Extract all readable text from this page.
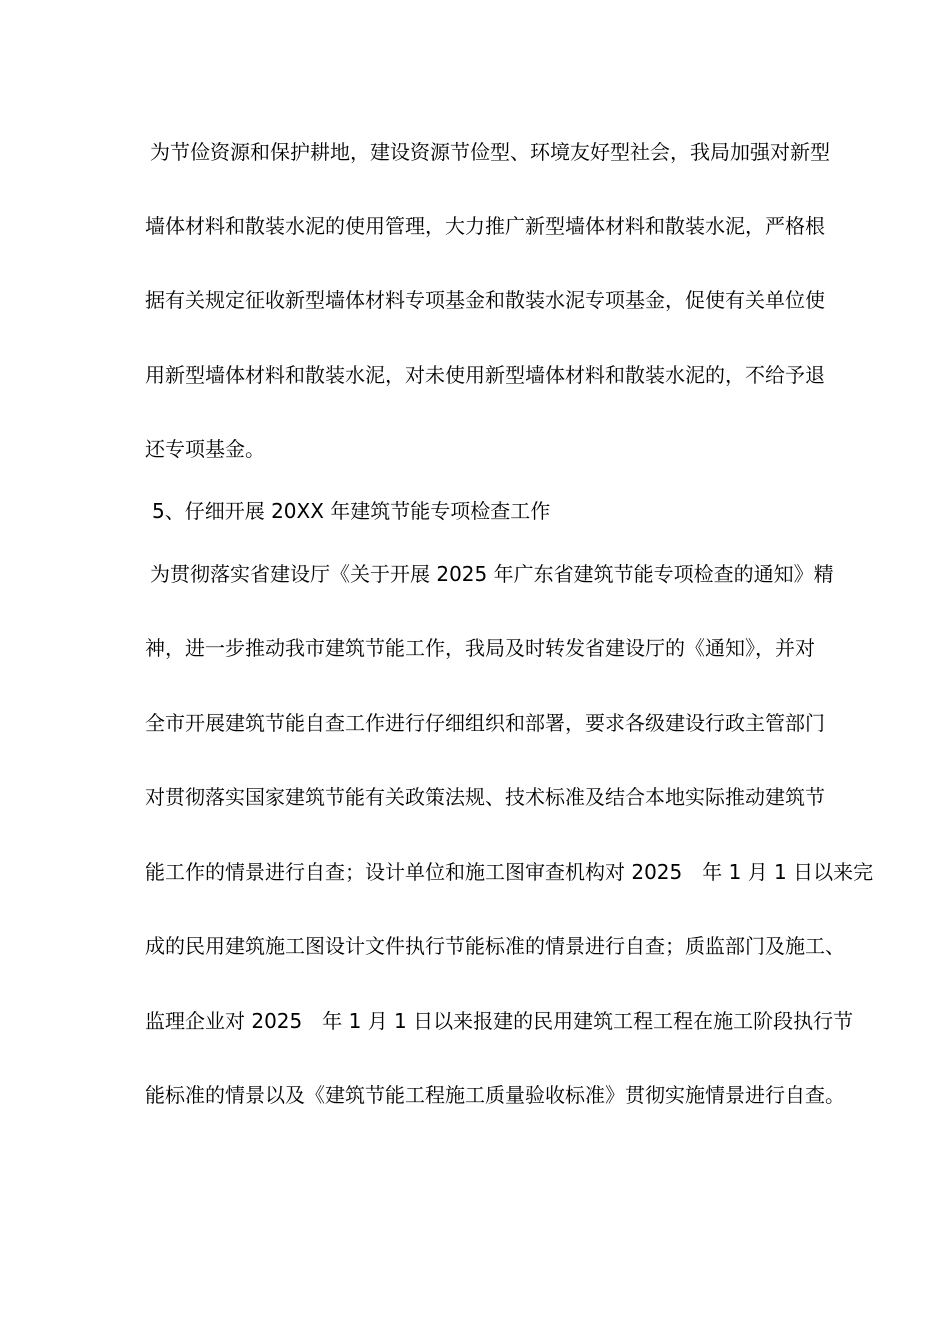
为节俭资源和保护耕地，建设资源节俭型、环境友好型社会，我局加强对新型
墙体材料和散装水泥的使用管理，大力推广新型墙体材料和散装水泥，严格根
据有关规定征收新型墙体材料专项基金和散装水泥专项基金，促使有关单位使
用新型墙体材料和散装水泥，对未使用新型墙体材料和散装水泥的，不给予退
还专项基金。
5、仔细开展 20XX 年建筑节能专项检查工作
为贯彻落实省建设厅《关于开展 2025 年广东省建筑节能专项检查的通知》精
神，进一步推动我市建筑节能工作，我局及时转发省建设厅的《通知》，并对
全市开展建筑节能自查工作进行仔细组织和部署，要求各级建设行政主管部门
对贯彻落实国家建筑节能有关政策法规、技术标准及结合本地实际推动建筑节
能工作的情景进行自查；设计单位和施工图审查机构对 2025　年 1 月 1 日以来完
成的民用建筑施工图设计文件执行节能标准的情景进行自查；质监部门及施工、
监理企业对 2025　年 1 月 1 日以来报建的民用建筑工程工程在施工阶段执行节
能标准的情景以及《建筑节能工程施工质量验收标准》贯彻实施情景进行自查。
